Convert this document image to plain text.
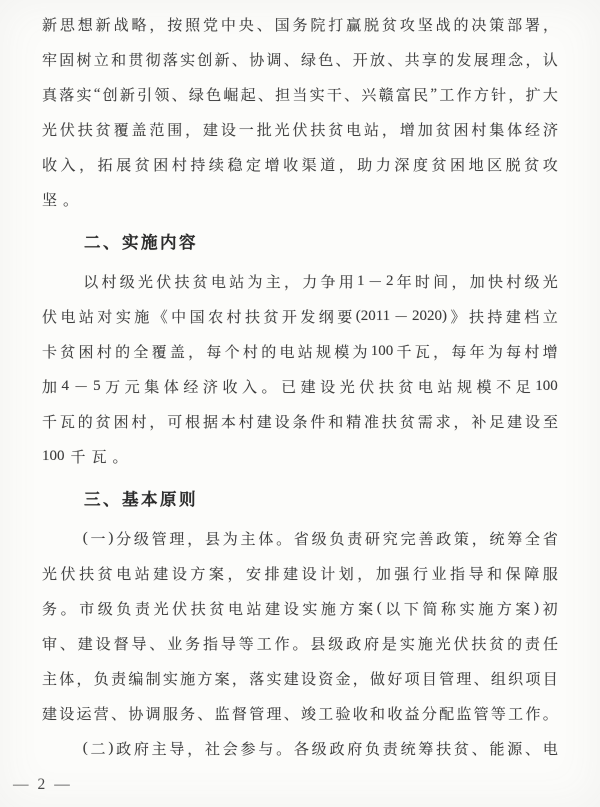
新 思 想 新 战 略 ， 按 照 党 中 央 、 国 务 院 打 赢 脱 贫 攻 坚 战 的 决 策 部 署 ，
牢 固 树 立 和 贯 彻 落 实 创 新 、 协 调 、 绿 色 、 开 放 、 共 享 的 发 展 理 念 ， 认
真 落 实 “ 创 新 引 领 、 绿 色 崛 起 、 担 当 实 干 、 兴 赣 富 民 ” 工 作 方 针 ， 扩 大
光 伏 扶 贫 覆 盖 范 围 ， 建 设 一 批 光 伏 扶 贫 电 站 ， 增 加 贫 困 村 集 体 经 济
收 入 ， 拓 展 贫 困 村 持 续 稳 定 增 收 渠 道 ， 助 力 深 度 贫 困 地 区 脱 贫 攻
坚 。
二、实施内容
以 村 级 光 伏 扶 贫 电 站 为 主 ， 力 争 用 1 － 2 年 时 间 ， 加 快 村 级 光
伏 电 站 对 实 施 《 中 国 农 村 扶 贫 开 发 纲 要 (2011 － 2020) 》 扶 持 建 档 立
卡 贫 困 村 的 全 覆 盖 ， 每 个 村 的 电 站 规 模 为 100 千 瓦 ， 每 年 为 每 村 增
加 4 － 5 万 元 集 体 经 济 收 入 。 已 建 设 光 伏 扶 贫 电 站 规 模 不 足 100
千 瓦 的 贫 困 村 ， 可 根 据 本 村 建 设 条 件 和 精 准 扶 贫 需 求 ， 补 足 建 设 至
100 千 瓦 。
三、基本原则
( 一 ) 分 级 管 理 ， 县 为 主 体 。 省 级 负 责 研 究 完 善 政 策 ， 统 筹 全 省
光 伏 扶 贫 电 站 建 设 方 案 ， 安 排 建 设 计 划 ， 加 强 行 业 指 导 和 保 障 服
务 。 市 级 负 责 光 伏 扶 贫 电 站 建 设 实 施 方 案 ( 以 下 简 称 实 施 方 案 ) 初
审 、 建 设 督 导 、 业 务 指 导 等 工 作 。 县 级 政 府 是 实 施 光 伏 扶 贫 的 责 任
主 体 ， 负 责 编 制 实 施 方 案 ， 落 实 建 设 资 金 ， 做 好 项 目 管 理 、 组 织 项 目
建 设 运 营 、 协 调 服 务 、 监 督 管 理 、 竣 工 验 收 和 收 益 分 配 监 管 等 工 作 。
( 二 ) 政 府 主 导 ， 社 会 参 与 。 各 级 政 府 负 责 统 筹 扶 贫 、 能 源 、 电
— 2 —
